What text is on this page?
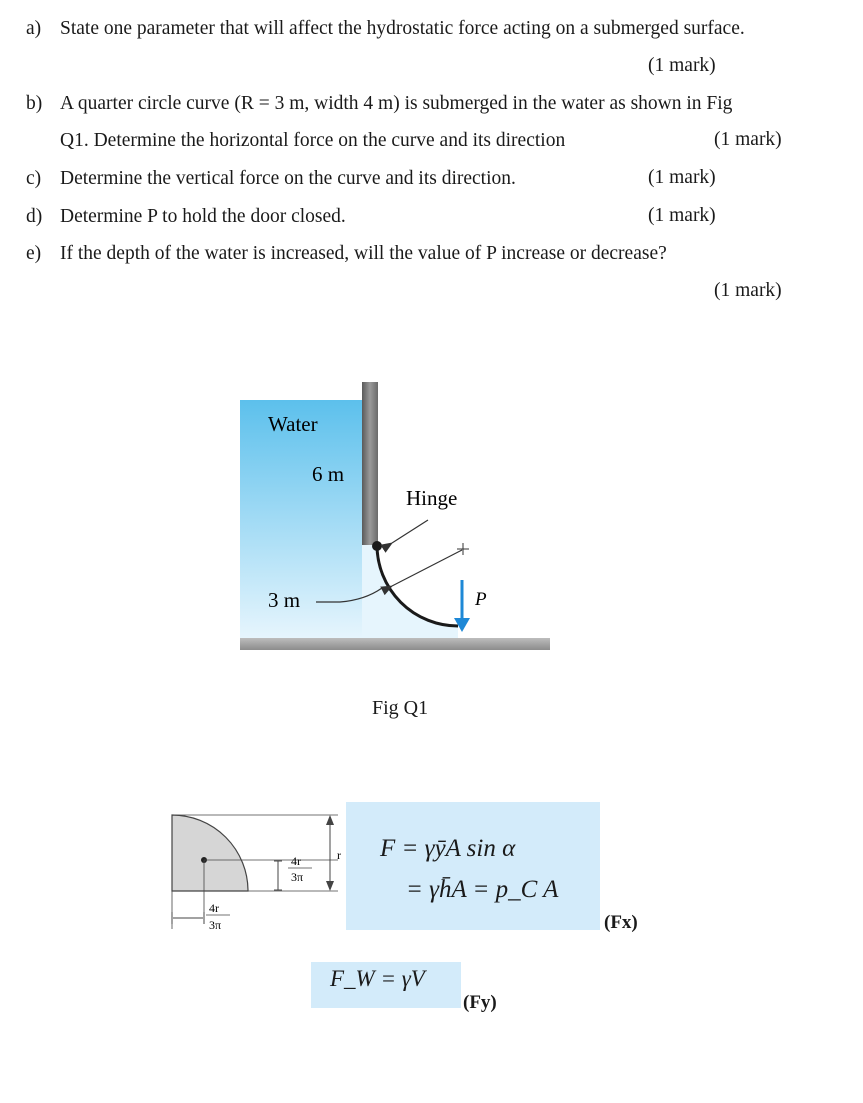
a) State one parameter that will affect the hydrostatic force acting on a submerged surface.
(1 mark)
b) A quarter circle curve (R = 3 m, width 4 m) is submerged in the water as shown in Fig
Q1. Determine the horizontal force on the curve and its direction	(1 mark)
c) Determine the vertical force on the curve and its direction.	(1 mark)
d) Determine P to hold the door closed.	(1 mark)
e) If the depth of the water is increased, will the value of P increase or decrease?
(1 mark)
Water
6 m
Hinge
3 m	P
Fig Q1
4r
3π
r
4r
3π
F = γȳA sin α
= γh̄A = p_C A
(Fx)
F_W = γV
(Fy)
